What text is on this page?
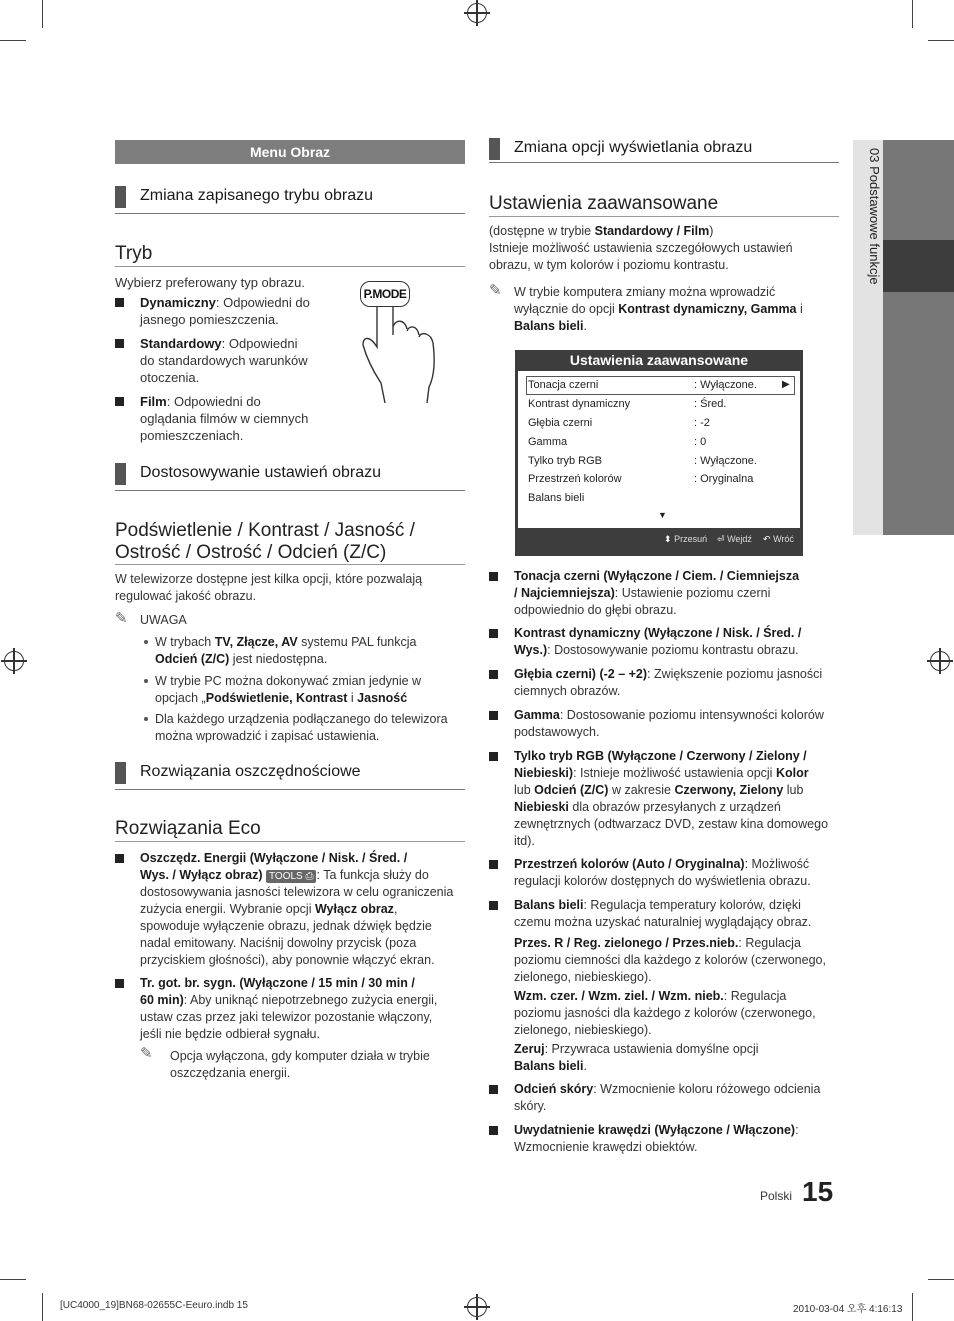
03 Podstawowe funkcje
Menu Obraz
Zmiana zapisanego trybu obrazu
Tryb
Wybierz preferowany typ obrazu.
Dynamiczny: Odpowiedni do
jasnego pomieszczenia.
Standardowy: Odpowiedni
do standardowych warunków
otoczenia.
Film: Odpowiedni do
oglądania filmów w ciemnych
pomieszczeniach.
P.MODE
Dostosowywanie ustawień obrazu
Podświetlenie / Kontrast / Jasność /
Ostrość / Ostrość / Odcień (Z/C)
W telewizorze dostępne jest kilka opcji, które pozwalają
regulować jakość obrazu.
✎ UWAGA
W trybach TV, Złącze, AV systemu PAL funkcja
Odcień (Z/C) jest niedostępna.
W trybie PC można dokonywać zmian jedynie w
opcjach „Podświetlenie, Kontrast i Jasność
Dla każdego urządzenia podłączanego do telewizora
można wprowadzić i zapisać ustawienia.
Rozwiązania oszczędnościowe
Rozwiązania Eco
Oszczędz. Energii (Wyłączone / Nisk. / Śred. /
Wys. / Wyłącz obraz) TOOLS ⎙ : Ta funkcja służy do
dostosowywania jasności telewizora w celu ograniczenia
zużycia energii. Wybranie opcji Wyłącz obraz,
spowoduje wyłączenie obrazu, jednak dźwięk będzie
nadal emitowany. Naciśnij dowolny przycisk (poza
przyciskiem głośności), aby ponownie włączyć ekran.
Tr. got. br. sygn. (Wyłączone / 15 min / 30 min /
60 min): Aby uniknąć niepotrzebnego zużycia energii,
ustaw czas przez jaki telewizor pozostanie włączony,
jeśli nie będzie odbierał sygnału.
✎ Opcja wyłączona, gdy komputer działa w trybie
oszczędzania energii.
Zmiana opcji wyświetlania obrazu
Ustawienia zaawansowane
(dostępne w trybie Standardowy / Film)
Istnieje możliwość ustawienia szczegółowych ustawień
obrazu, w tym kolorów i poziomu kontrastu.
✎ W trybie komputera zmiany można wprowadzić
wyłącznie do opcji Kontrast dynamiczny, Gamma i
Balans bieli.
Ustawienia zaawansowane
Tonacja czerni	: Wyłączone.	▶
Kontrast dynamiczny	: Śred.
Głębia czerni	: -2
Gamma	: 0
Tylko tryb RGB	: Wyłączone.
Przestrzeń kolorów	: Oryginalna
Balans bieli
▼
⬍ Przesuń ⏎ Wejdź ↶ Wróć
Tonacja czerni (Wyłączone / Ciem. / Ciemniejsza
/ Najciemniejsza): Ustawienie poziomu czerni
odpowiednio do głębi obrazu.
Kontrast dynamiczny (Wyłączone / Nisk. / Śred. /
Wys.): Dostosowywanie poziomu kontrastu obrazu.
Głębia czerni) (-2 – +2): Zwiększenie poziomu jasności
ciemnych obrazów.
Gamma: Dostosowanie poziomu intensywności kolorów
podstawowych.
Tylko tryb RGB (Wyłączone / Czerwony / Zielony /
Niebieski): Istnieje możliwość ustawienia opcji Kolor
lub Odcień (Z/C) w zakresie Czerwony, Zielony lub
Niebieski dla obrazów przesyłanych z urządzeń
zewnętrznych (odtwarzacz DVD, zestaw kina domowego
itd).
Przestrzeń kolorów (Auto / Oryginalna): Możliwość
regulacji kolorów dostępnych do wyświetlenia obrazu.
Balans bieli: Regulacja temperatury kolorów, dzięki
czemu można uzyskać naturalniej wyglądający obraz.
Przes. R / Reg. zielonego / Przes.nieb.: Regulacja
poziomu ciemności dla każdego z kolorów (czerwonego,
zielonego, niebieskiego).
Wzm. czer. / Wzm. ziel. / Wzm. nieb.: Regulacja
poziomu jasności dla każdego z kolorów (czerwonego,
zielonego, niebieskiego).
Zeruj: Przywraca ustawienia domyślne opcji
Balans bieli.
Odcień skóry: Wzmocnienie koloru różowego odcienia
skóry.
Uwydatnienie krawędzi (Wyłączone / Włączone):
Wzmocnienie krawędzi obiektów.
Polski 15
[UC4000_19]BN68-02655C-Eeuro.indb 15	2010-03-04 오후 4:16:13
